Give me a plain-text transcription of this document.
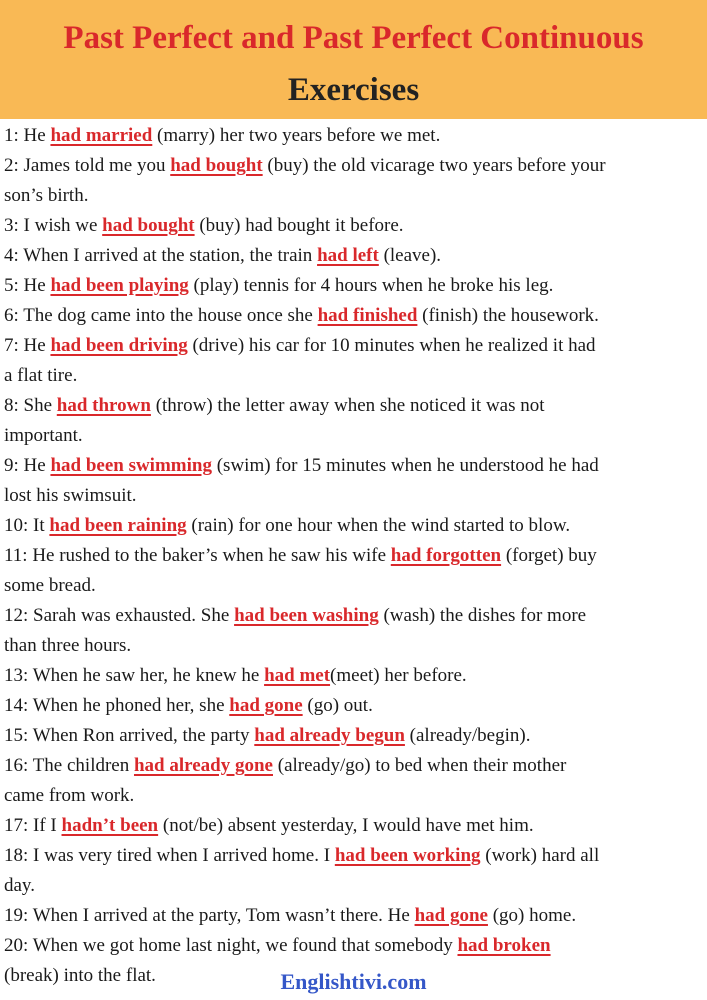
Past Perfect and Past Perfect Continuous
Exercises

1: He had married (marry) her two years before we met.

2: James told me you had bought (buy) the old vicarage two years before your

son’s birth.

3: I wish we had bought (buy) had bought it before.

4: When I arrived at the station, the train had left (leave).

5: He had been playing (play) tennis for 4 hours when he broke his leg.

6: The dog came into the house once she had finished (finish) the housework.

7: He had been driving (drive) his car for 10 minutes when he realized it had

a flat tire.

8: She had thrown (throw) the letter away when she noticed it was not

important.

9: He had been swimming (swim) for 15 minutes when he understood he had

lost his swimsuit.

10: It had been raining (rain) for one hour when the wind started to blow.

11: He rushed to the baker’s when he saw his wife had forgotten (forget) buy

some bread.

12: Sarah was exhausted. She had been washing (wash) the dishes for more

than three hours.

13: When he saw her, he knew he had met(meet) her before.

14: When he phoned her, she had gone (go) out.

15: When Ron arrived, the party had already begun (already/begin).

16: The children had already gone (already/go) to bed when their mother

came from work.

17: If I hadn’t been (not/be) absent yesterday, I would have met him.

18: I was very tired when I arrived home. I had been working (work) hard all

day.

19: When I arrived at the party, Tom wasn’t there. He had gone (go) home.

20: When we got home last night, we found that somebody had broken

(break) into the flat.	Englishtivi.com
